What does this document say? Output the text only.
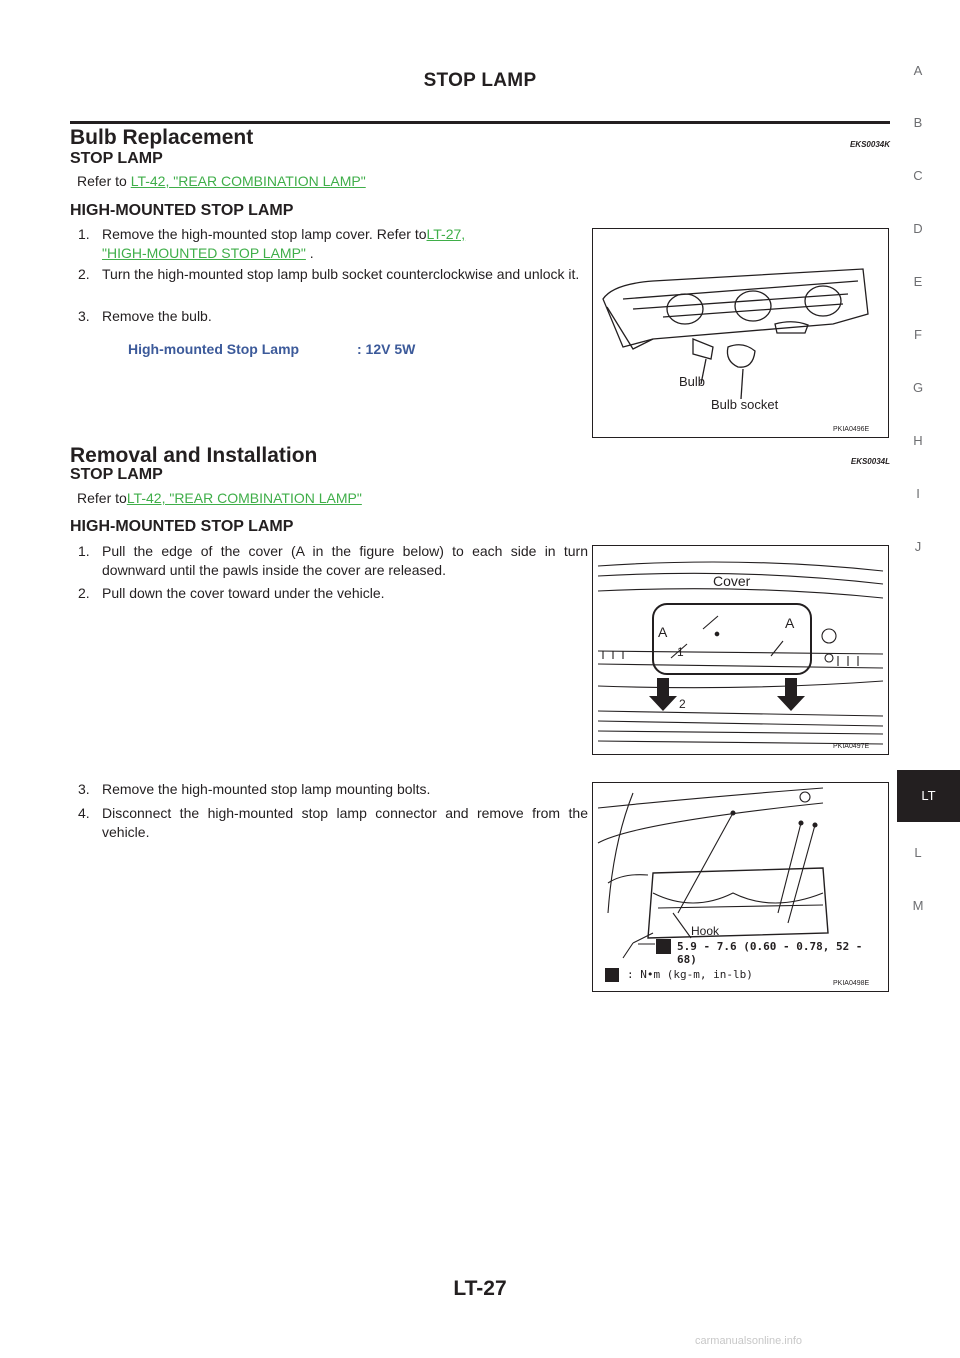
STOP LAMP
Bulb Replacement	EKS0034K
STOP LAMP
Refer to LT-42, "REAR COMBINATION LAMP"
HIGH-MOUNTED STOP LAMP
1. Remove the high-mounted stop lamp cover. Refer toLT-27,
"HIGH-MOUNTED STOP LAMP" .
2. Turn the high-mounted stop lamp bulb socket counterclockwise and unlock it.
3. Remove the bulb.
High-mounted Stop Lamp	: 12V 5W
Bulb
Bulb socket
PKIA0496E
Removal and Installation	EKS0034L
STOP LAMP
Refer toLT-42, "REAR COMBINATION LAMP"
HIGH-MOUNTED STOP LAMP
1. Pull the edge of the cover (A in the figure below) to each side in turn downward until the pawls inside the cover are released.
2. Pull down the cover toward under the vehicle.
Cover
A
A
1
2
PKIA0497E
3. Remove the high-mounted stop lamp mounting bolts.
4. Disconnect the high-mounted stop lamp connector and remove from the vehicle.
Hook
5.9 - 7.6 (0.60 - 0.78, 52 - 68)
: N•m (kg-m, in-lb)
PKIA0498E
A
B
C
D
E
F
G
H
I
J
L
M
LT
LT-27
carmanualsonline.info
